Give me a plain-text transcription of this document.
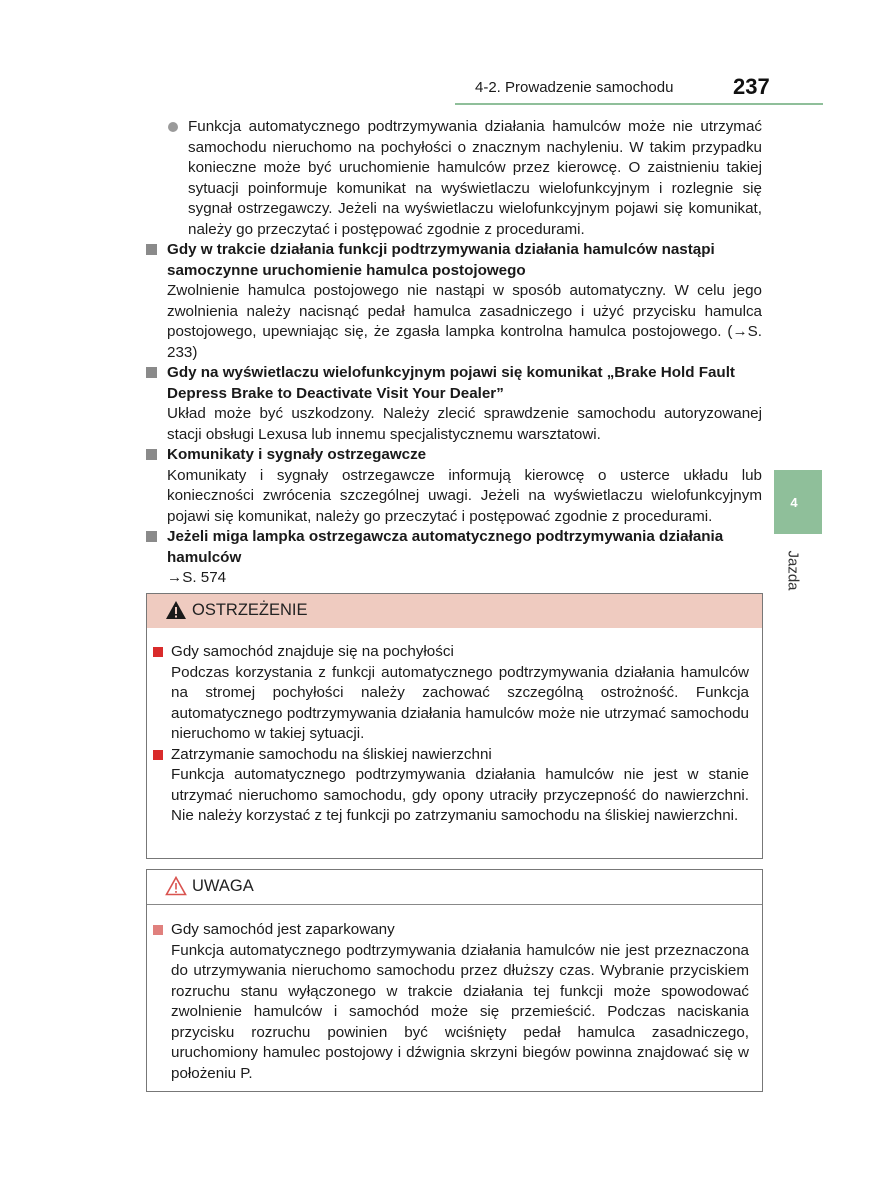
4-2. Prowadzenie samochodu	237
4
Jazda
Funkcja automatycznego podtrzymywania działania hamulców może nie utrzymać samochodu nieruchomo na pochyłości o znacznym nachyleniu. W takim przypadku konieczne może być uruchomienie hamulców przez kierowcę. O zaistnieniu takiej sytuacji poinformuje komunikat na wyświetlaczu wielofunkcyjnym i rozlegnie się sygnał ostrzegawczy. Jeżeli na wyświetlaczu wielofunkcyjnym pojawi się komunikat, należy go przeczytać i postępować zgodnie z procedurami.
Gdy w trakcie działania funkcji podtrzymywania działania hamulców nastąpi samoczynne uruchomienie hamulca postojowego
Zwolnienie hamulca postojowego nie nastąpi w sposób automatyczny. W celu jego zwolnienia należy nacisnąć pedał hamulca zasadniczego i użyć przycisku hamulca postojowego, upewniając się, że zgasła lampka kontrolna hamulca postojowego. (→S. 233)
Gdy na wyświetlaczu wielofunkcyjnym pojawi się komunikat „Brake Hold Fault Depress Brake to Deactivate Visit Your Dealer”
Układ może być uszkodzony. Należy zlecić sprawdzenie samochodu autoryzowanej stacji obsługi Lexusa lub innemu specjalistycznemu warsztatowi.
Komunikaty i sygnały ostrzegawcze
Komunikaty i sygnały ostrzegawcze informują kierowcę o usterce układu lub konieczności zwrócenia szczególnej uwagi. Jeżeli na wyświetlaczu wielofunkcyjnym pojawi się komunikat, należy go przeczytać i postępować zgodnie z procedurami.
Jeżeli miga lampka ostrzegawcza automatycznego podtrzymywania działania hamulców
→S. 574
OSTRZEŻENIE
Gdy samochód znajduje się na pochyłości
Podczas korzystania z funkcji automatycznego podtrzymywania działania hamulców na stromej pochyłości należy zachować szczególną ostrożność. Funkcja automatycznego podtrzymywania działania hamulców może nie utrzymać samochodu nieruchomo w takiej sytuacji.
Zatrzymanie samochodu na śliskiej nawierzchni
Funkcja automatycznego podtrzymywania działania hamulców nie jest w stanie utrzymać nieruchomo samochodu, gdy opony utraciły przyczepność do nawierzchni. Nie należy korzystać z tej funkcji po zatrzymaniu samochodu na śliskiej nawierzchni.
UWAGA
Gdy samochód jest zaparkowany
Funkcja automatycznego podtrzymywania działania hamulców nie jest przeznaczona do utrzymywania nieruchomo samochodu przez dłuższy czas. Wybranie przyciskiem rozruchu stanu wyłączonego w trakcie działania tej funkcji może spowodować zwolnienie hamulców i samochód może się przemieścić. Podczas naciskania przycisku rozruchu powinien być wciśnięty pedał hamulca zasadniczego, uruchomiony hamulec postojowy i dźwignia skrzyni biegów powinna znajdować się w położeniu P.
